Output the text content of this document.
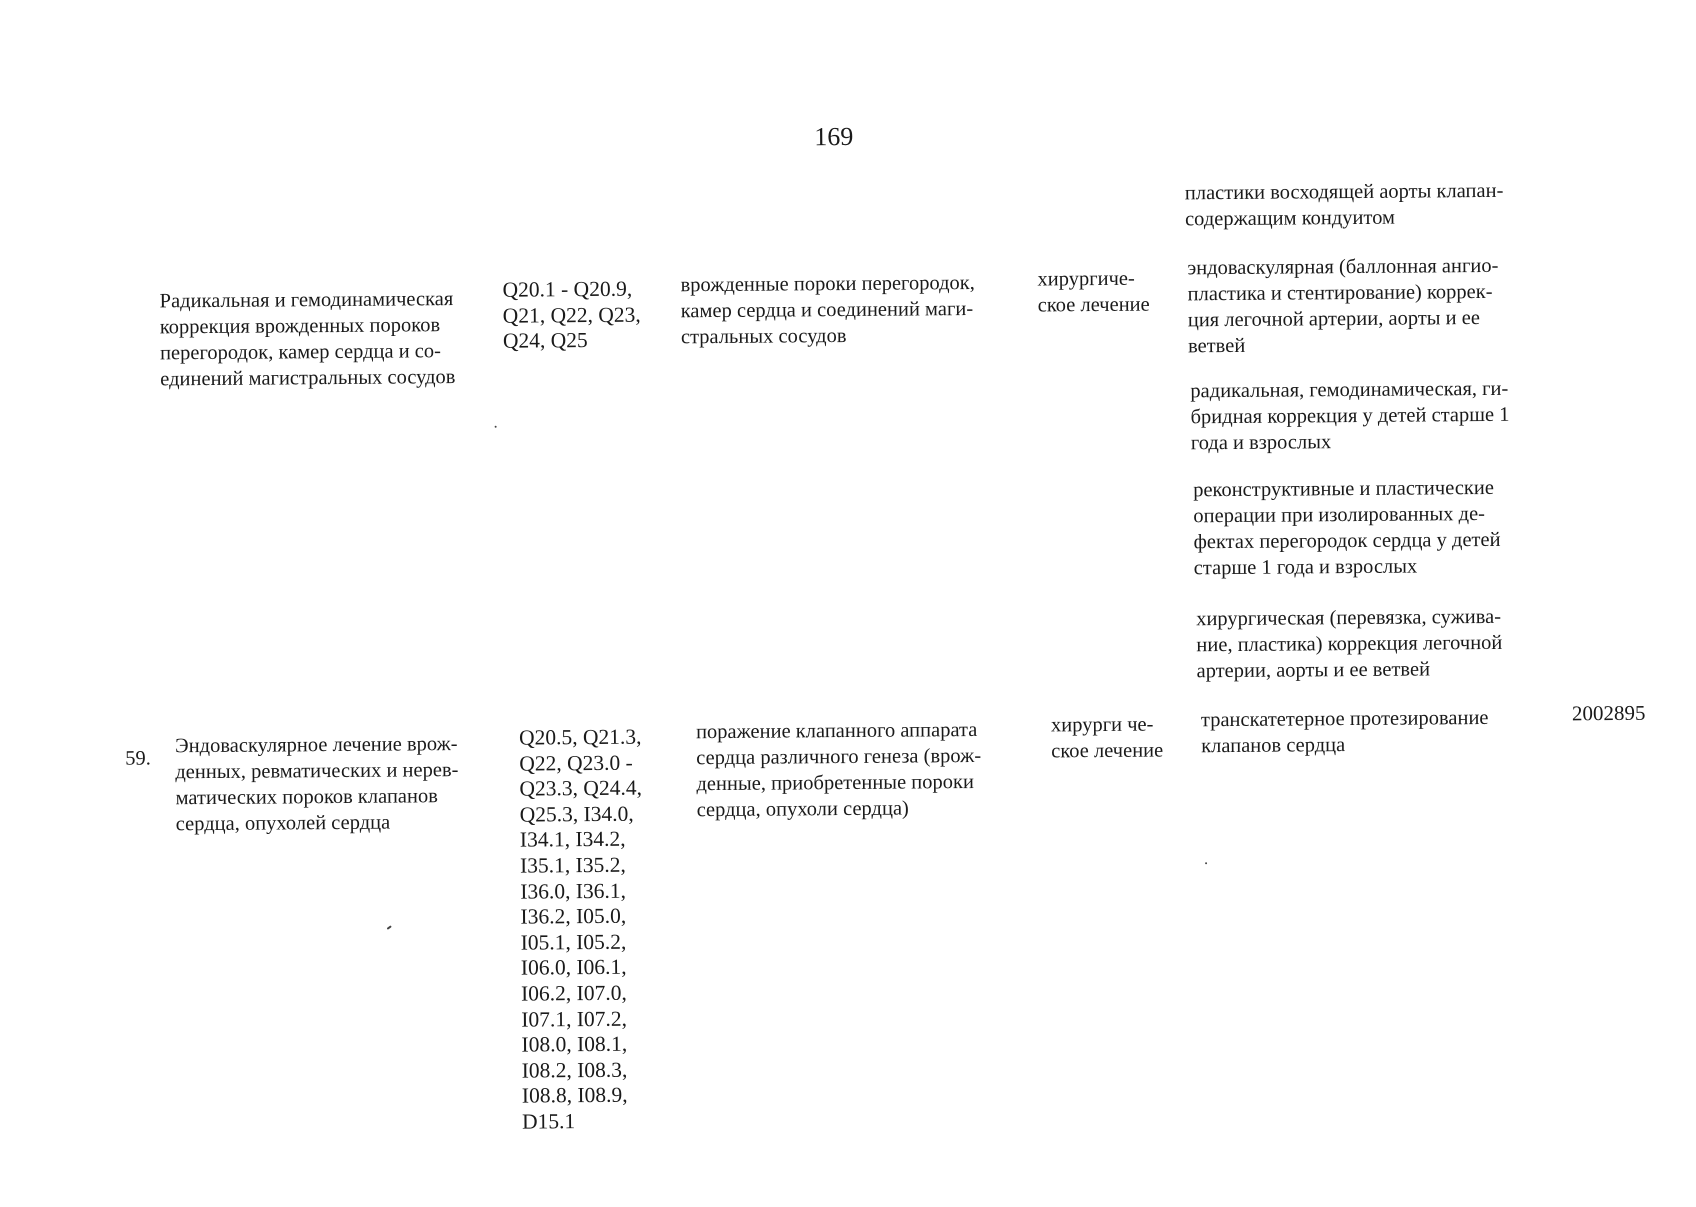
169

пластики восходящей аорты клапан-
содержащим кондуитом

Радикальная и гемодинамическая
коррекция врожденных пороков
перегородок, камер сердца и со-
единений магистральных сосудов

Q20.1 - Q20.9,
Q21, Q22, Q23,
Q24, Q25

врожденные пороки перегородок,
камер сердца и соединений маги-
стральных сосудов

хирургиче-
ское лечение

эндоваскулярная (баллонная ангио-
пластика и стентирование) коррек-
ция легочной артерии, аорты и ее
ветвей

радикальная, гемодинамическая, ги-
бридная коррекция у детей старше 1
года и взрослых

реконструктивные и пластические
операции при изолированных де-
фектах перегородок сердца у детей
старше 1 года и взрослых

хирургическая (перевязка, сужива-
ние, пластика) коррекция легочной
артерии, аорты и ее ветвей

59.

Эндоваскулярное лечение врож-
денных, ревматических и нерев-
матических пороков клапанов
сердца, опухолей сердца

Q20.5, Q21.3,
Q22, Q23.0 -
Q23.3, Q24.4,
Q25.3, I34.0,
I34.1, I34.2,
I35.1, I35.2,
I36.0, I36.1,
I36.2, I05.0,
I05.1, I05.2,
I06.0, I06.1,
I06.2, I07.0,
I07.1, I07.2,
I08.0, I08.1,
I08.2, I08.3,
I08.8, I08.9,
D15.1

поражение клапанного аппарата
сердца различного генеза (врож-
денные, приобретенные пороки
сердца, опухоли сердца)

хирурги че-
ское лечение

транскатетерное протезирование
клапанов сердца

2002895
